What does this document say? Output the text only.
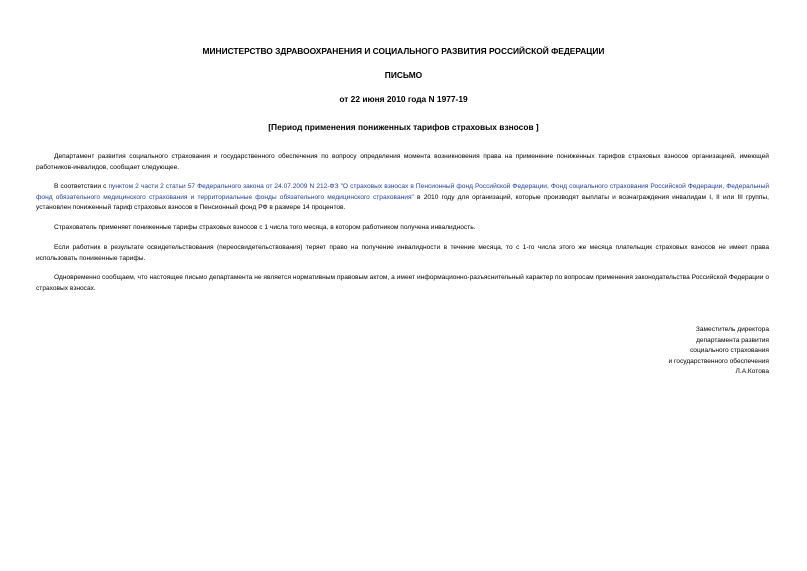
МИНИСТЕРСТВО ЗДРАВООХРАНЕНИЯ И СОЦИАЛЬНОГО РАЗВИТИЯ РОССИЙСКОЙ ФЕДЕРАЦИИ
ПИСЬМО
от 22 июня 2010 года N 1977-19
[Период применения пониженных тарифов страховых взносов ]

Департамент развития социального страхования и государственного обеспечения по вопросу определения момента возникновения права на применение пониженных тарифов страховых взносов организацией, имеющей работников-инвалидов, сообщает следующее.

В соответствии с пунктом 2 части 2 статьи 57 Федерального закона от 24.07.2009 N 212-ФЗ "О страховых взносах в Пенсионный фонд Российской Федерации, Фонд социального страхования Российской Федерации, Федеральный фонд обязательного медицинского страхования и территориальные фонды обязательного медицинского страхования" в 2010 году для организаций, которые производят выплаты и вознаграждения инвалидам I, II или III группы, установлен пониженный тариф страховых взносов в Пенсионный фонд РФ в размере 14 процентов.

Страхователь применяет пониженные тарифы страховых взносов с 1 числа того месяца, в котором работником получена инвалидность.

Если работник в результате освидетельствования (переосвидетельствования) теряет право на получение инвалидности в течение месяца, то с 1-го числа этого же месяца плательщик страховых взносов не имеет права использовать пониженные тарифы.

Одновременно сообщаем, что настоящее письмо департамента не является нормативным правовым актом, а имеет информационно-разъяснительный характер по вопросам применения законодательства Российской Федерации о страховых взносах.

Заместитель директора
департамента развития
социального страхования
и государственного обеспечения
Л.А.Котова
